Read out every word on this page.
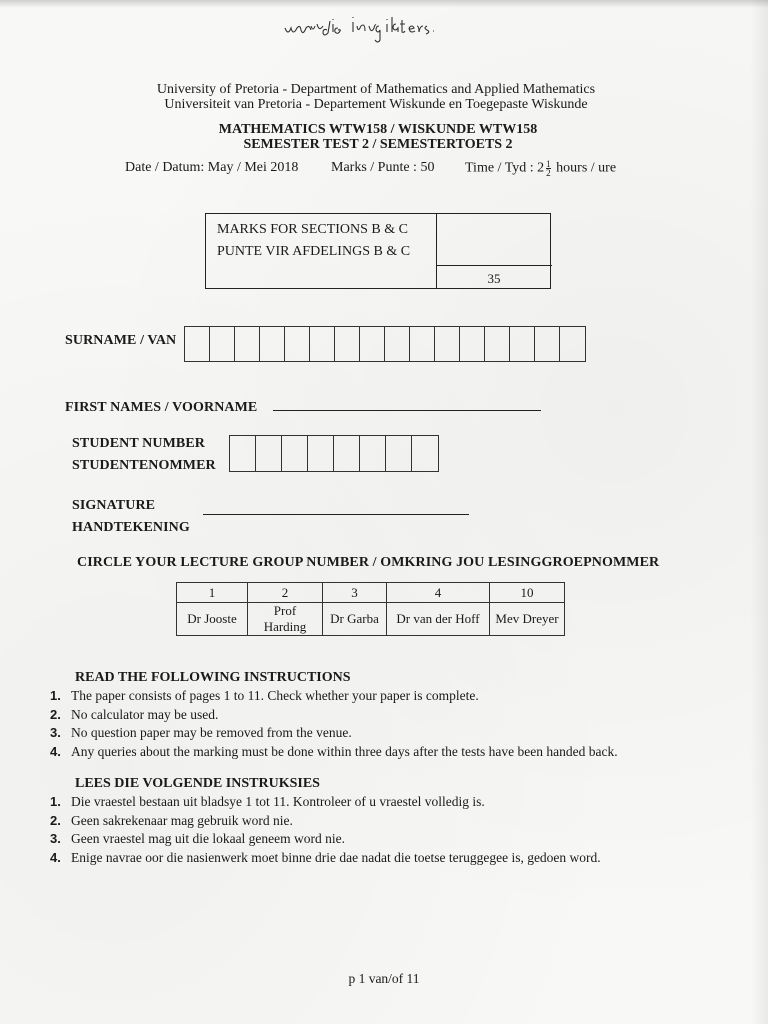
University of Pretoria - Department of Mathematics and Applied Mathematics
Universiteit van Pretoria - Departement Wiskunde en Toegepaste Wiskunde
MATHEMATICS WTW158 / WISKUNDE WTW158
SEMESTER TEST 2 / SEMESTERTOETS 2
Date / Datum: May / Mei 2018 Marks / Punte : 50 Time / Tyd : $2 \frac{1}{2}$ hours / ure
MARKS FOR SECTIONS B & C
PUNTE VIR AFDELINGS B & C
35
SURNAME / VAN
FIRST NAMES / VOORNAME
STUDENT NUMBER
STUDENTENOMMER
SIGNATURE
HANDTEKENING
CIRCLE YOUR LECTURE GROUP NUMBER / OMKRING JOU LESINGGROEPNOMMER
1	2	3	4	10
Dr Jooste	Prof Harding	Dr Garba	Dr van der Hoff	Mev Dreyer
READ THE FOLLOWING INSTRUCTIONS
1. The paper consists of pages 1 to 11. Check whether your paper is complete.
2. No calculator may be used.
3. No question paper may be removed from the venue.
4. Any queries about the marking must be done within three days after the tests have been handed back.
LEES DIE VOLGENDE INSTRUKSIES
1. Die vraestel bestaan uit bladsye 1 tot 11. Kontroleer of u vraestel volledig is.
2. Geen sakrekenaar mag gebruik word nie.
3. Geen vraestel mag uit die lokaal geneem word nie.
4. Enige navrae oor die nasienwerk moet binne drie dae nadat die toetse teruggegee is, gedoen word.
p 1 van/of 11
